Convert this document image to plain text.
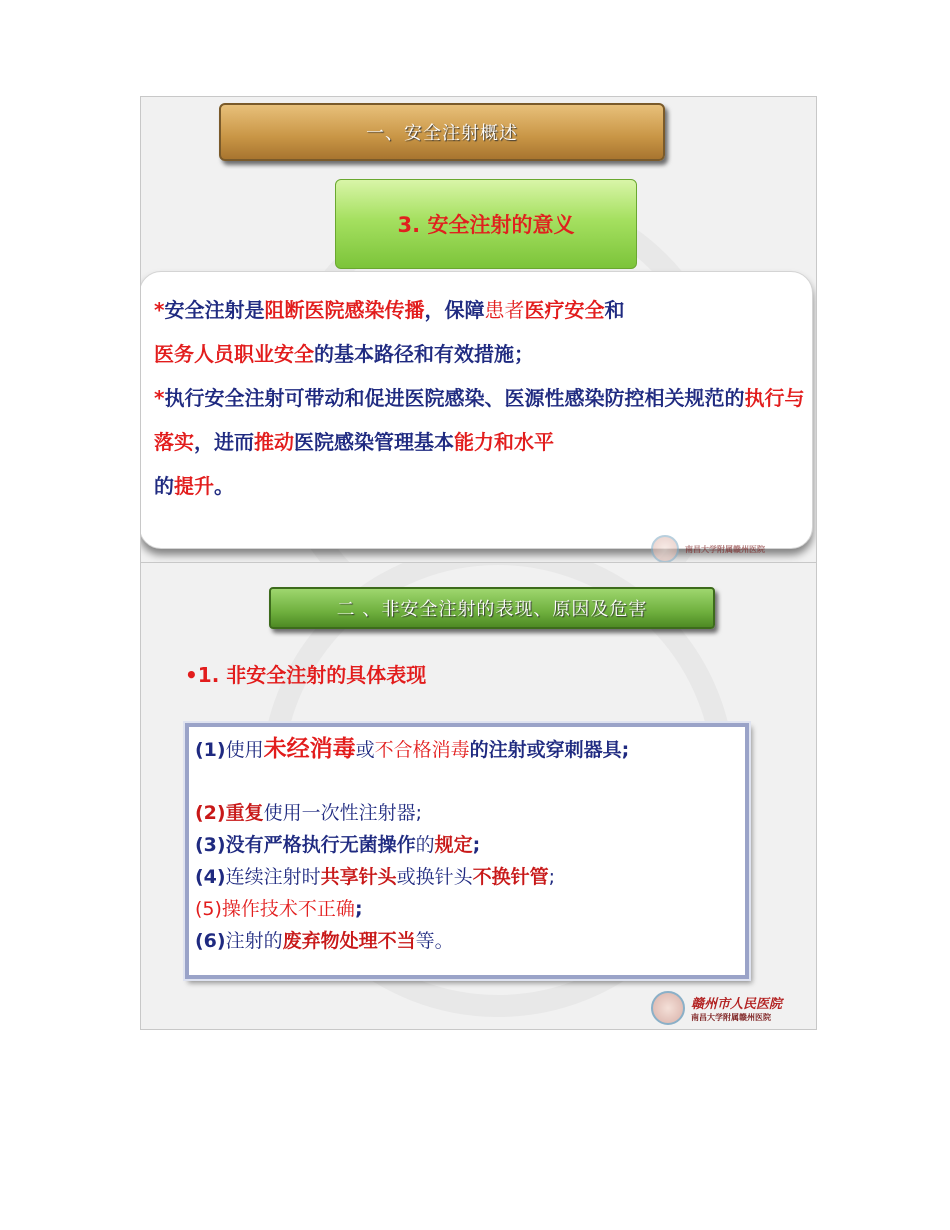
一、安全注射概述
3. 安全注射的意义
*安全注射是阻断医院感染传播，保障患者医疗安全和
医务人员职业安全的基本路径和有效措施；
*执行安全注射可带动和促进医院感染、医源性感染防控相关规范的执行与落实，进而推动医院感染管理基本能力和水平
的提升。
南昌大学附属赣州医院
二 、非安全注射的表现、原因及危害
•1. 非安全注射的具体表现
(1)使用未经消毒或不合格消毒的注射或穿刺器具;
(2)重复使用一次性注射器;
(3)没有严格执行无菌操作的规定;
(4)连续注射时共享针头或换针头不换针管;
(5)操作技术不正确;
(6)注射的废弃物处理不当等。
赣州市人民医院
南昌大学附属赣州医院
